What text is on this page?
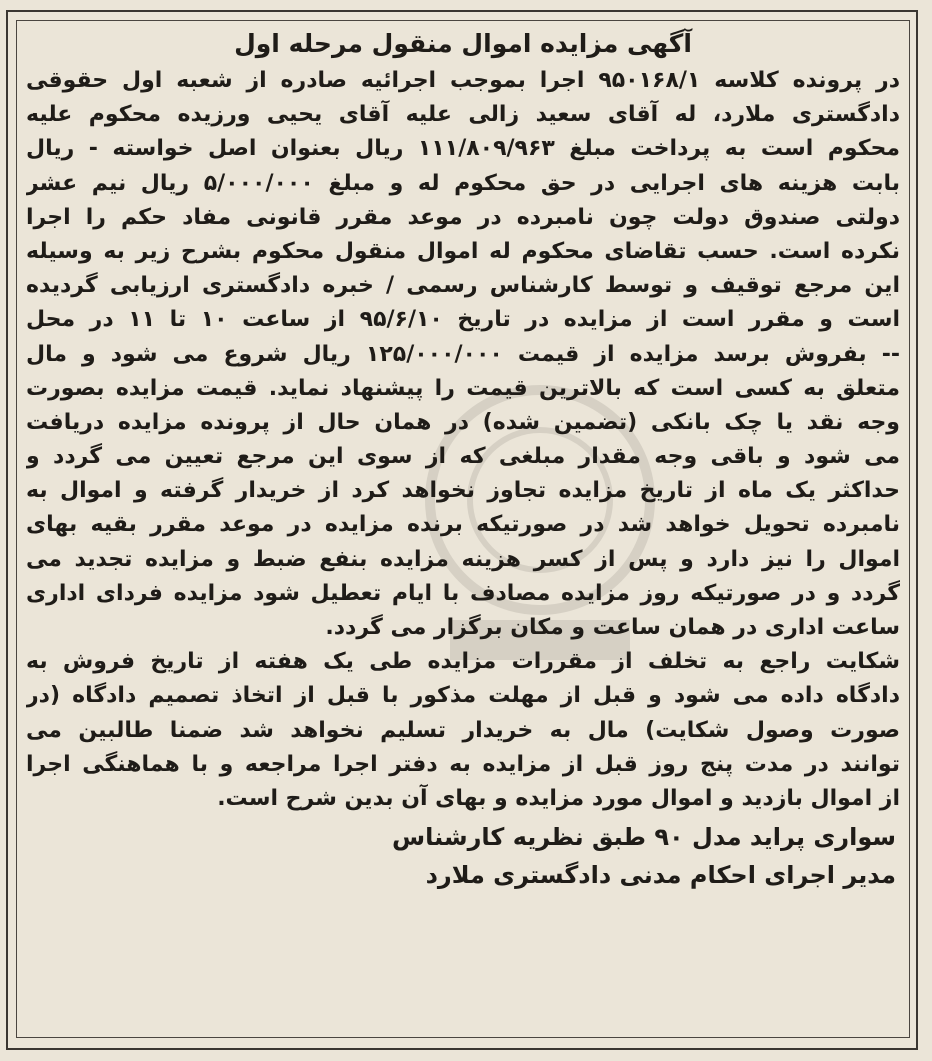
آگهی مزایده اموال منقول مرحله اول
در پرونده کلاسه ۹۵۰۱۶۸/۱ اجرا بموجب اجرائیه صادره از شعبه اول حقوقی
دادگستری ملارد، له آقای سعید زالی علیه آقای یحیی ورزیده محکوم علیه
محکوم است به پرداخت مبلغ ۱۱۱/۸۰۹/۹۶۳ ریال بعنوان اصل خواسته - ریال
بابت هزینه های اجرایی در حق محکوم له و مبلغ ۵/۰۰۰/۰۰۰ ریال نیم عشر
دولتی صندوق دولت چون نامبرده در موعد مقرر قانونی مفاد حکم را اجرا
نکرده است. حسب تقاضای محکوم له اموال منقول محکوم بشرح زیر به وسیله
این مرجع توقیف و توسط کارشناس رسمی / خبره دادگستری ارزیابی گردیده
است و مقرر است از مزایده در تاریخ ۹۵/۶/۱۰ از ساعت ۱۰ تا ۱۱ در محل
-- بفروش برسد مزایده از قیمت ۱۲۵/۰۰۰/۰۰۰ ریال شروع می شود و مال
متعلق به کسی است که بالاترین قیمت را پیشنهاد نماید. قیمت مزایده بصورت
وجه نقد یا چک بانکی (تضمین شده) در همان حال از پرونده مزایده دریافت
می شود و باقی وجه مقدار مبلغی که از سوی این مرجع تعیین می گردد و
حداکثر یک ماه از تاریخ مزایده تجاوز نخواهد کرد از خریدار گرفته و اموال به
نامبرده تحویل خواهد شد در صورتیکه برنده مزایده در موعد مقرر بقیه بهای
اموال را نیز دارد و پس از کسر هزینه مزایده بنفع ضبط و مزایده تجدید می
گردد و در صورتیکه روز مزایده مصادف با ایام تعطیل شود مزایده فردای اداری
ساعت اداری در همان ساعت و مکان برگزار می گردد.
شکایت راجع به تخلف از مقررات مزایده طی یک هفته از تاریخ فروش به
دادگاه داده می شود و قبل از مهلت مذکور با قبل از اتخاذ تصمیم دادگاه (در
صورت وصول شکایت) مال به خریدار تسلیم نخواهد شد ضمنا طالبین می
توانند در مدت پنج روز قبل از مزایده به دفتر اجرا مراجعه و با هماهنگی اجرا
از اموال بازدید و اموال مورد مزایده و بهای آن بدین شرح است.
سواری پراید مدل ۹۰ طبق نظریه کارشناس
مدیر اجرای احکام مدنی دادگستری ملارد
